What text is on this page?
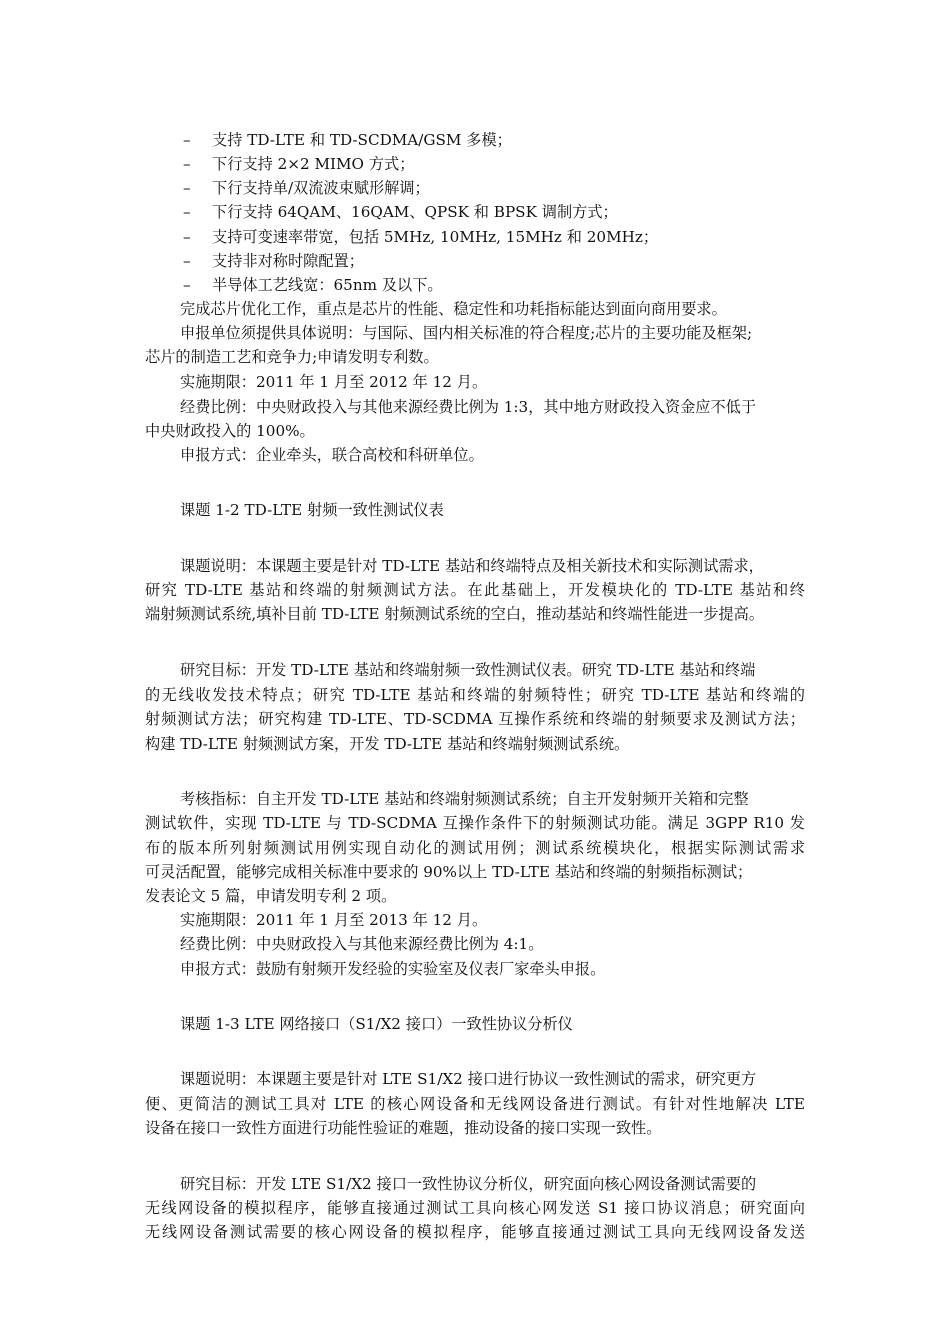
– 支持 TD-LTE 和 TD-SCDMA/GSM 多模；
– 下行支持 2×2 MIMO 方式；
– 下行支持单/双流波束赋形解调；
– 下行支持 64QAM、16QAM、QPSK 和 BPSK 调制方式；
– 支持可变速率带宽，包括 5MHz, 10MHz, 15MHz 和 20MHz；
– 支持非对称时隙配置；
– 半导体工艺线宽：65nm 及以下。
完成芯片优化工作，重点是芯片的性能、稳定性和功耗指标能达到面向商用要求。
申报单位须提供具体说明：与国际、国内相关标准的符合程度;芯片的主要功能及框架;
芯片的制造工艺和竞争力;申请发明专利数。
实施期限：2011 年 1 月至 2012 年 12 月。
经费比例：中央财政投入与其他来源经费比例为 1:3，其中地方财政投入资金应不低于
中央财政投入的 100%。
申报方式：企业牵头，联合高校和科研单位。
课题 1-2 TD-LTE 射频一致性测试仪表
课题说明：本课题主要是针对 TD-LTE 基站和终端特点及相关新技术和实际测试需求，
研究 TD-LTE 基站和终端的射频测试方法。在此基础上，开发模块化的 TD-LTE 基站和终
端射频测试系统,填补目前 TD-LTE 射频测试系统的空白，推动基站和终端性能进一步提高。
研究目标：开发 TD-LTE 基站和终端射频一致性测试仪表。研究 TD-LTE 基站和终端
的无线收发技术特点；研究 TD-LTE 基站和终端的射频特性；研究 TD-LTE 基站和终端的
射频测试方法；研究构建 TD-LTE、TD-SCDMA 互操作系统和终端的射频要求及测试方法；
构建 TD-LTE 射频测试方案，开发 TD-LTE 基站和终端射频测试系统。
考核指标：自主开发 TD-LTE 基站和终端射频测试系统；自主开发射频开关箱和完整
测试软件，实现 TD-LTE 与 TD-SCDMA 互操作条件下的射频测试功能。满足 3GPP R10 发
布的版本所列射频测试用例实现自动化的测试用例；测试系统模块化，根据实际测试需求
可灵活配置，能够完成相关标准中要求的 90%以上 TD-LTE 基站和终端的射频指标测试；
发表论文 5 篇，申请发明专利 2 项。
实施期限：2011 年 1 月至 2013 年 12 月。
经费比例：中央财政投入与其他来源经费比例为 4:1。
申报方式：鼓励有射频开发经验的实验室及仪表厂家牵头申报。
课题 1-3 LTE 网络接口（S1/X2 接口）一致性协议分析仪
课题说明：本课题主要是针对 LTE S1/X2 接口进行协议一致性测试的需求，研究更方
便、更简洁的测试工具对 LTE 的核心网设备和无线网设备进行测试。有针对性地解决 LTE
设备在接口一致性方面进行功能性验证的难题，推动设备的接口实现一致性。
研究目标：开发 LTE S1/X2 接口一致性协议分析仪，研究面向核心网设备测试需要的
无线网设备的模拟程序，能够直接通过测试工具向核心网发送 S1 接口协议消息；研究面向
无线网设备测试需要的核心网设备的模拟程序，能够直接通过测试工具向无线网设备发送
